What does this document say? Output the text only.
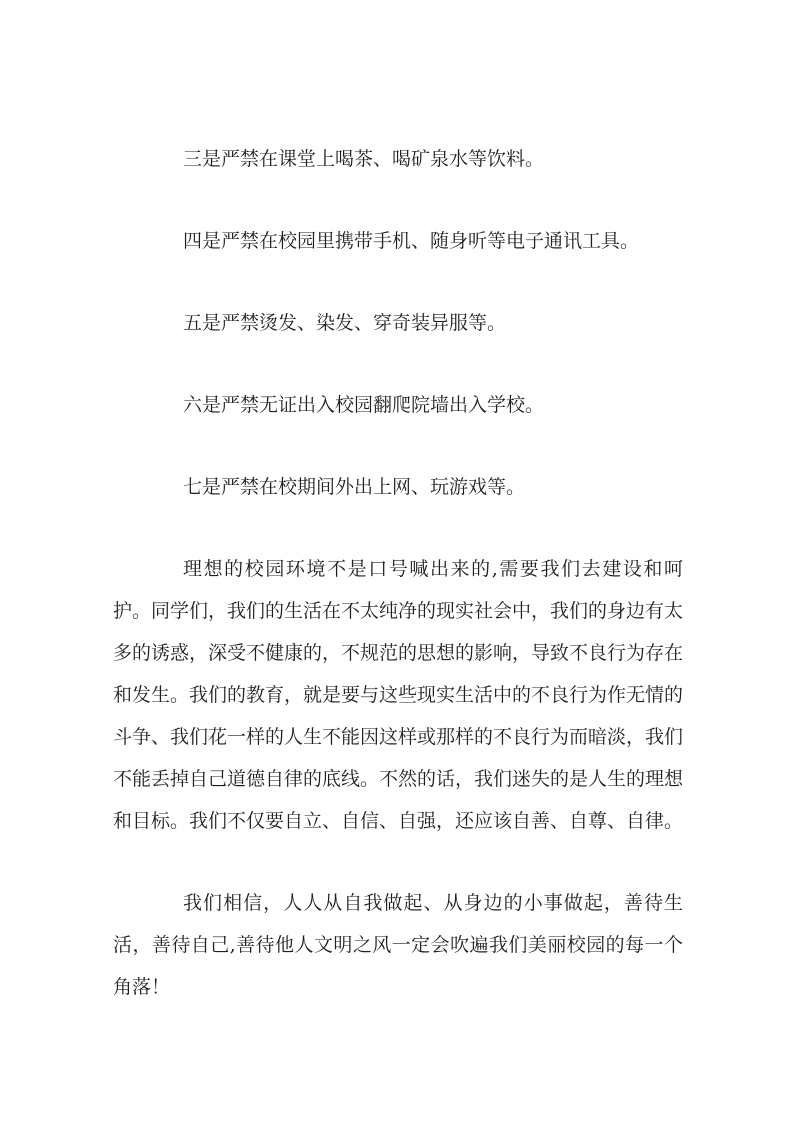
三是严禁在课堂上喝茶、喝矿泉水等饮料。

四是严禁在校园里携带手机、随身听等电子通讯工具。

五是严禁烫发、染发、穿奇装异服等。

六是严禁无证出入校园翻爬院墙出入学校。

七是严禁在校期间外出上网、玩游戏等。

理想的校园环境不是口号喊出来的,需要我们去建设和呵护。同学们，我们的生活在不太纯净的现实社会中，我们的身边有太多的诱惑，深受不健康的，不规范的思想的影响，导致不良行为存在和发生。我们的教育，就是要与这些现实生活中的不良行为作无情的斗争、我们花一样的人生不能因这样或那样的不良行为而暗淡，我们不能丢掉自己道德自律的底线。不然的话，我们迷失的是人生的理想和目标。我们不仅要自立、自信、自强，还应该自善、自尊、自律。

我们相信，人人从自我做起、从身边的小事做起，善待生活，善待自己,善待他人文明之风一定会吹遍我们美丽校园的每一个角落！
